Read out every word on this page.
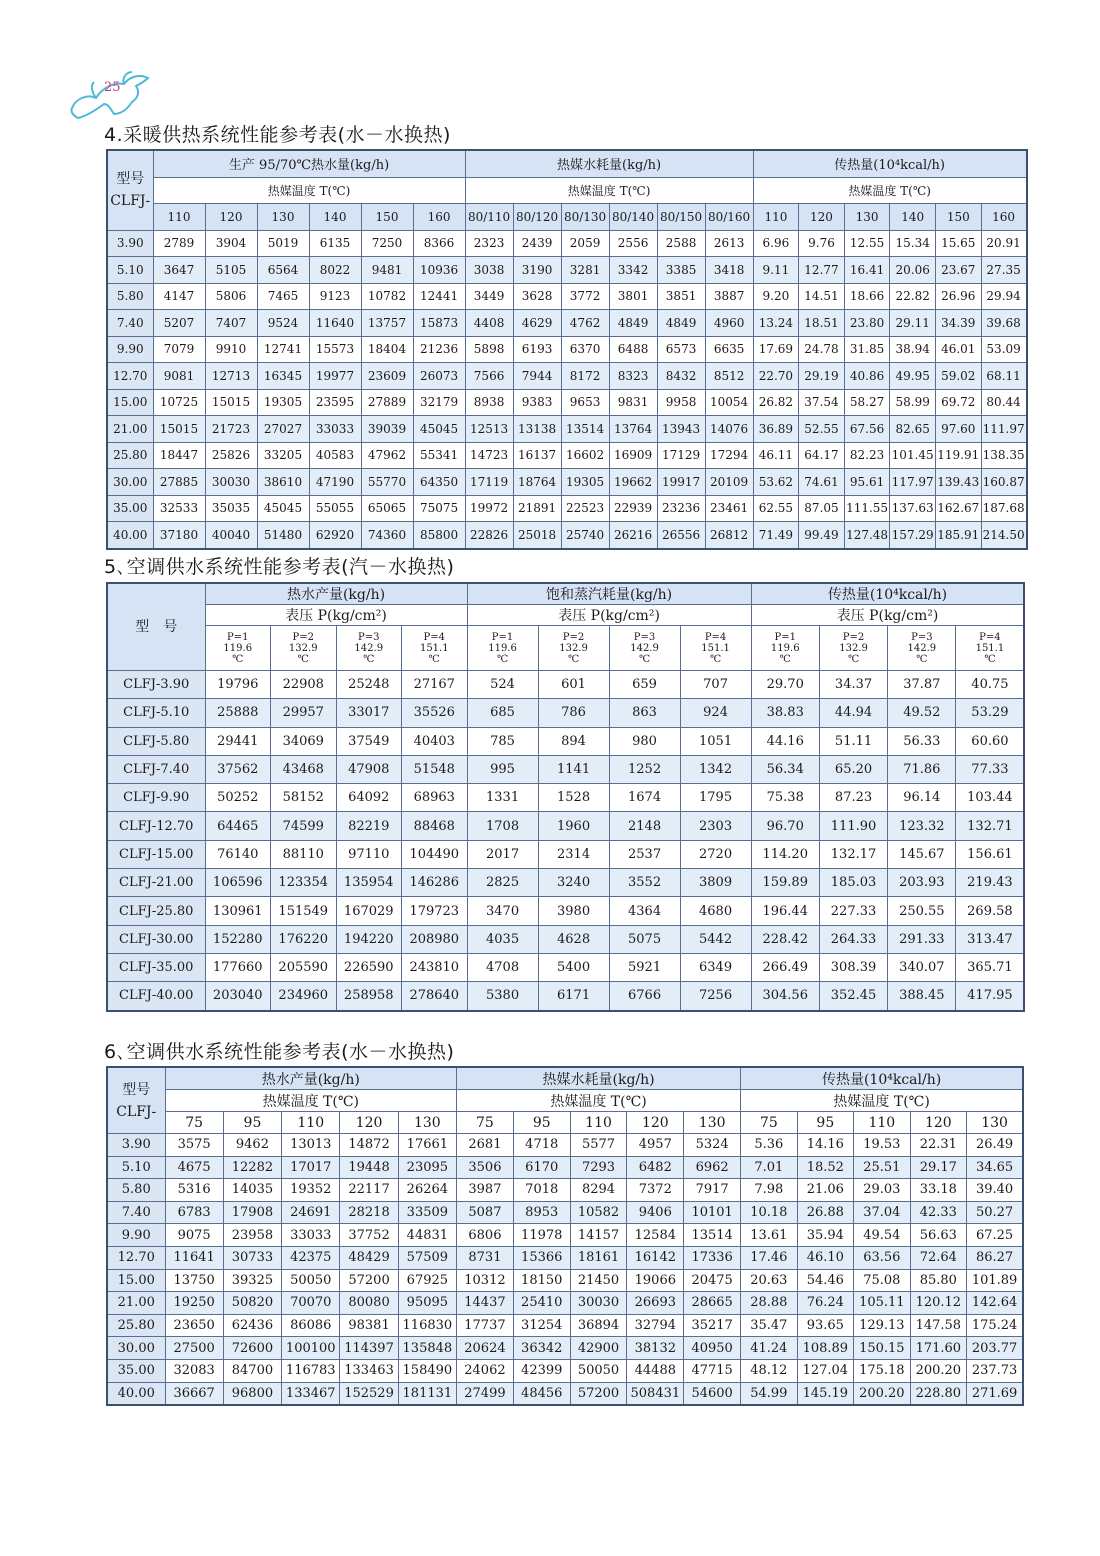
25
4.采暖供热系统性能参考表(水－水换热)
型号
CLFJ-	生产 95/70℃热水量(kg/h)						热媒水耗量(kg/h)						传热量(10⁴kcal/h)					
	热媒温度 T(℃)						热媒温度 T(℃)						热媒温度 T(℃)					
	110	120	130	140	150	160	80/110	80/120	80/130	80/140	80/150	80/160	110	120	130	140	150	160
3.90	2789	3904	5019	6135	7250	8366	2323	2439	2059	2556	2588	2613	6.96	9.76	12.55	15.34	15.65	20.91
5.10	3647	5105	6564	8022	9481	10936	3038	3190	3281	3342	3385	3418	9.11	12.77	16.41	20.06	23.67	27.35
5.80	4147	5806	7465	9123	10782	12441	3449	3628	3772	3801	3851	3887	9.20	14.51	18.66	22.82	26.96	29.94
7.40	5207	7407	9524	11640	13757	15873	4408	4629	4762	4849	4849	4960	13.24	18.51	23.80	29.11	34.39	39.68
9.90	7079	9910	12741	15573	18404	21236	5898	6193	6370	6488	6573	6635	17.69	24.78	31.85	38.94	46.01	53.09
12.70	9081	12713	16345	19977	23609	26073	7566	7944	8172	8323	8432	8512	22.70	29.19	40.86	49.95	59.02	68.11
15.00	10725	15015	19305	23595	27889	32179	8938	9383	9653	9831	9958	10054	26.82	37.54	58.27	58.99	69.72	80.44
21.00	15015	21723	27027	33033	39039	45045	12513	13138	13514	13764	13943	14076	36.89	52.55	67.56	82.65	97.60	111.97
25.80	18447	25826	33205	40583	47962	55341	14723	16137	16602	16909	17129	17294	46.11	64.17	82.23	101.45	119.91	138.35
30.00	27885	30030	38610	47190	55770	64350	17119	18764	19305	19662	19917	20109	53.62	74.61	95.61	117.97	139.43	160.87
35.00	32533	35035	45045	55055	65065	75075	19972	21891	22523	22939	23236	23461	62.55	87.05	111.55	137.63	162.67	187.68
40.00	37180	40040	51480	62920	74360	85800	22826	25018	25740	26216	26556	26812	71.49	99.49	127.48	157.29	185.91	214.50
5､空调供水系统性能参考表(汽－水换热)
型　号	热水产量(kg/h)				饱和蒸汽耗量(kg/h)				传热量(10⁴kcal/h)			
	表压 P(kg/cm²)				表压 P(kg/cm²)				表压 P(kg/cm²)			
	P=1
119.6
℃	P=2
132.9
℃	P=3
142.9
℃	P=4
151.1
℃	P=1
119.6
℃	P=2
132.9
℃	P=3
142.9
℃	P=4
151.1
℃	P=1
119.6
℃	P=2
132.9
℃	P=3
142.9
℃	P=4
151.1
℃
CLFJ-3.90	19796	22908	25248	27167	524	601	659	707	29.70	34.37	37.87	40.75
CLFJ-5.10	25888	29957	33017	35526	685	786	863	924	38.83	44.94	49.52	53.29
CLFJ-5.80	29441	34069	37549	40403	785	894	980	1051	44.16	51.11	56.33	60.60
CLFJ-7.40	37562	43468	47908	51548	995	1141	1252	1342	56.34	65.20	71.86	77.33
CLFJ-9.90	50252	58152	64092	68963	1331	1528	1674	1795	75.38	87.23	96.14	103.44
CLFJ-12.70	64465	74599	82219	88468	1708	1960	2148	2303	96.70	111.90	123.32	132.71
CLFJ-15.00	76140	88110	97110	104490	2017	2314	2537	2720	114.20	132.17	145.67	156.61
CLFJ-21.00	106596	123354	135954	146286	2825	3240	3552	3809	159.89	185.03	203.93	219.43
CLFJ-25.80	130961	151549	167029	179723	3470	3980	4364	4680	196.44	227.33	250.55	269.58
CLFJ-30.00	152280	176220	194220	208980	4035	4628	5075	5442	228.42	264.33	291.33	313.47
CLFJ-35.00	177660	205590	226590	243810	4708	5400	5921	6349	266.49	308.39	340.07	365.71
CLFJ-40.00	203040	234960	258958	278640	5380	6171	6766	7256	304.56	352.45	388.45	417.95
6､空调供水系统性能参考表(水－水换热)
型号
CLFJ-	热水产量(kg/h)					热媒水耗量(kg/h)					传热量(10⁴kcal/h)				
	热媒温度 T(℃)					热媒温度 T(℃)					热媒温度 T(℃)				
	75	95	110	120	130	75	95	110	120	130	75	95	110	120	130
3.90	3575	9462	13013	14872	17661	2681	4718	5577	4957	5324	5.36	14.16	19.53	22.31	26.49
5.10	4675	12282	17017	19448	23095	3506	6170	7293	6482	6962	7.01	18.52	25.51	29.17	34.65
5.80	5316	14035	19352	22117	26264	3987	7018	8294	7372	7917	7.98	21.06	29.03	33.18	39.40
7.40	6783	17908	24691	28218	33509	5087	8953	10582	9406	10101	10.18	26.88	37.04	42.33	50.27
9.90	9075	23958	33033	37752	44831	6806	11978	14157	12584	13514	13.61	35.94	49.54	56.63	67.25
12.70	11641	30733	42375	48429	57509	8731	15366	18161	16142	17336	17.46	46.10	63.56	72.64	86.27
15.00	13750	39325	50050	57200	67925	10312	18150	21450	19066	20475	20.63	54.46	75.08	85.80	101.89
21.00	19250	50820	70070	80080	95095	14437	25410	30030	26693	28665	28.88	76.24	105.11	120.12	142.64
25.80	23650	62436	86086	98381	116830	17737	31254	36894	32794	35217	35.47	93.65	129.13	147.58	175.24
30.00	27500	72600	100100	114397	135848	20624	36342	42900	38132	40950	41.24	108.89	150.15	171.60	203.77
35.00	32083	84700	116783	133463	158490	24062	42399	50050	44488	47715	48.12	127.04	175.18	200.20	237.73
40.00	36667	96800	133467	152529	181131	27499	48456	57200	508431	54600	54.99	145.19	200.20	228.80	271.69
